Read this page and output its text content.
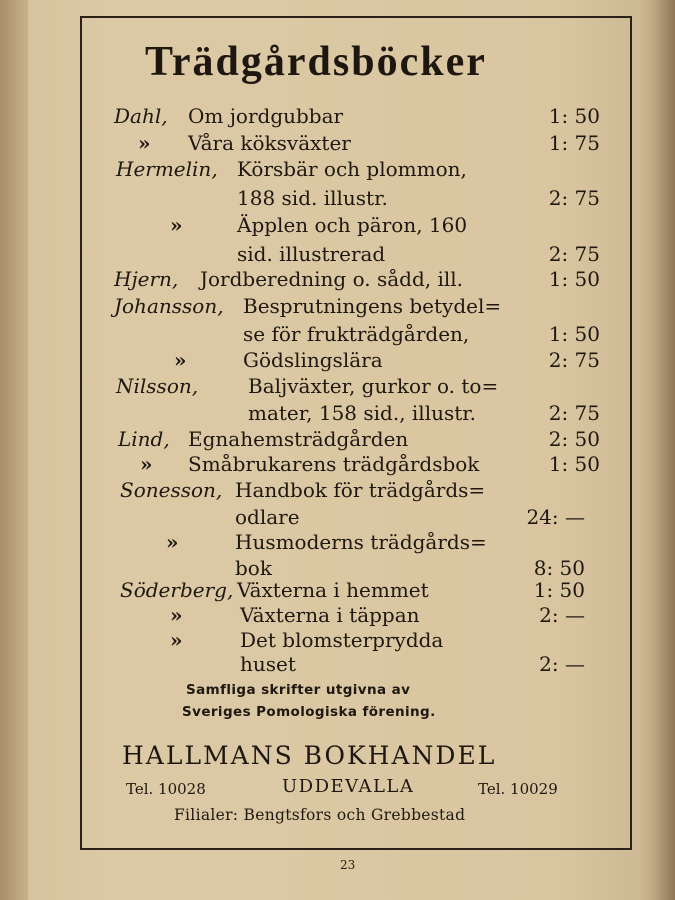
Trädgårdsböcker
Dahl, Om jordgubbar	1: 50
» Våra köksväxter	1: 75
Hermelin, Körsbär och plommon,
188 sid. illustr.	2: 75
»	Äpplen och päron, 160
sid. illustrerad	2: 75
Hjern, Jordberedning o. sådd, ill.	1: 50
Johansson, Besprutningens betydel=
se för frukträdgården,	1: 50
»	Gödslingslära	2: 75
Nilsson, Baljväxter, gurkor o. to=
mater, 158 sid., illustr.	2: 75
Lind, Egnahemsträdgården	2: 50
» Småbrukarens trädgårdsbok	1: 50
Sonesson, Handbok för trädgårds=
odlare	24: —
»	Husmoderns trädgårds=
bok	8: 50
Söderberg, Växterna i hemmet	1: 50
»	Växterna i täppan	2: —
»	Det blomsterprydda
huset	2: —
Samfliga skrifter utgivna av
Sveriges Pomologiska förening.
HALLMANS BOKHANDEL
Tel. 10028	UDDEVALLA	Tel. 10029
Filialer: Bengtsfors och Grebbestad
23
